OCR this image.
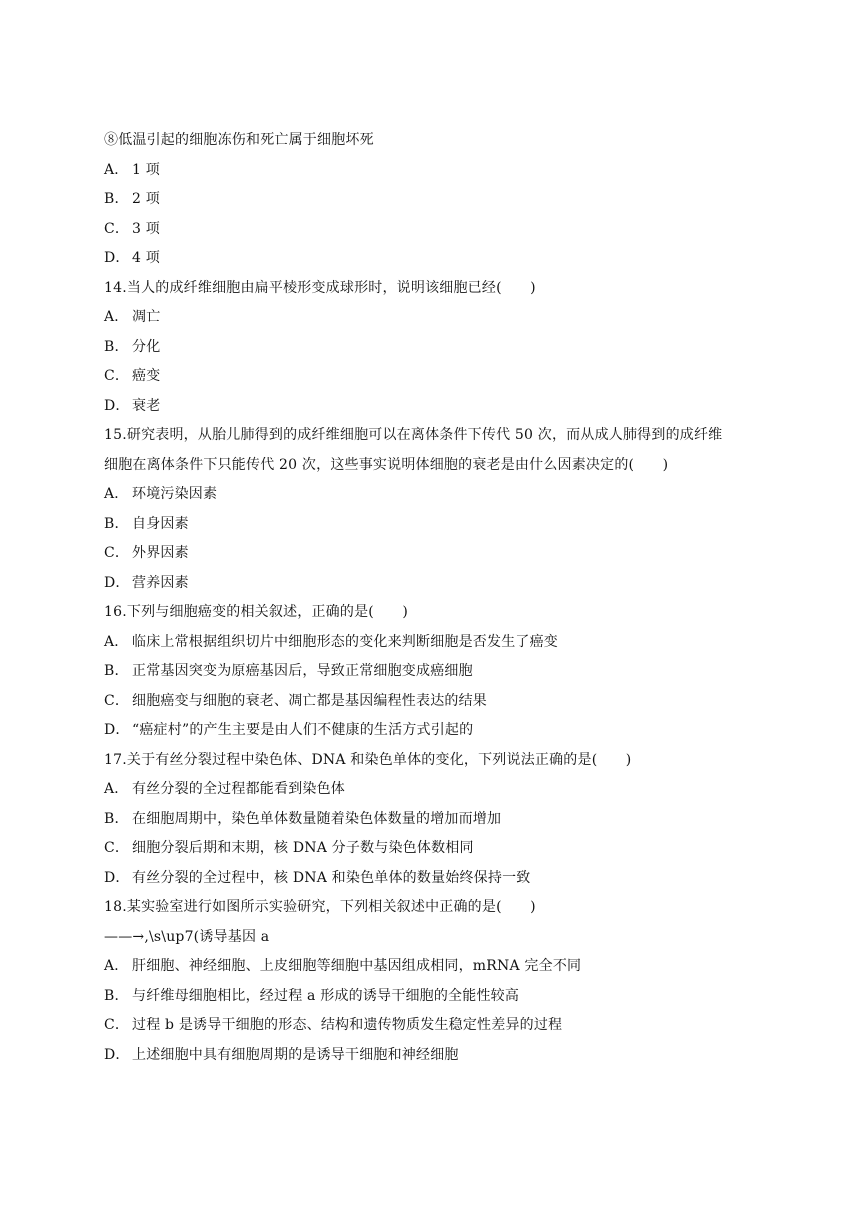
⑧低温引起的细胞冻伤和死亡属于细胞坏死
A． 1 项
B． 2 项
C． 3 项
D． 4 项
14.当人的成纤维细胞由扁平棱形变成球形时，说明该细胞已经(　　)
A． 凋亡
B． 分化
C． 癌变
D． 衰老
15.研究表明，从胎儿肺得到的成纤维细胞可以在离体条件下传代 50 次，而从成人肺得到的成纤维
细胞在离体条件下只能传代 20 次，这些事实说明体细胞的衰老是由什么因素决定的(　　)
A． 环境污染因素
B． 自身因素
C． 外界因素
D． 营养因素
16.下列与细胞癌变的相关叙述，正确的是(　　)
A． 临床上常根据组织切片中细胞形态的变化来判断细胞是否发生了癌变
B． 正常基因突变为原癌基因后，导致正常细胞变成癌细胞
C． 细胞癌变与细胞的衰老、凋亡都是基因编程性表达的结果
D． “癌症村”的产生主要是由人们不健康的生活方式引起的
17.关于有丝分裂过程中染色体、DNA 和染色单体的变化，下列说法正确的是(　　)
A． 有丝分裂的全过程都能看到染色体
B． 在细胞周期中，染色单体数量随着染色体数量的增加而增加
C． 细胞分裂后期和末期，核 DNA 分子数与染色体数相同
D． 有丝分裂的全过程中，核 DNA 和染色单体的数量始终保持一致
18.某实验室进行如图所示实验研究，下列相关叙述中正确的是(　　)
——→,\s\up7(诱导基因 a
A． 肝细胞、神经细胞、上皮细胞等细胞中基因组成相同，mRNA 完全不同
B． 与纤维母细胞相比，经过程 a 形成的诱导干细胞的全能性较高
C． 过程 b 是诱导干细胞的形态、结构和遗传物质发生稳定性差异的过程
D． 上述细胞中具有细胞周期的是诱导干细胞和神经细胞
